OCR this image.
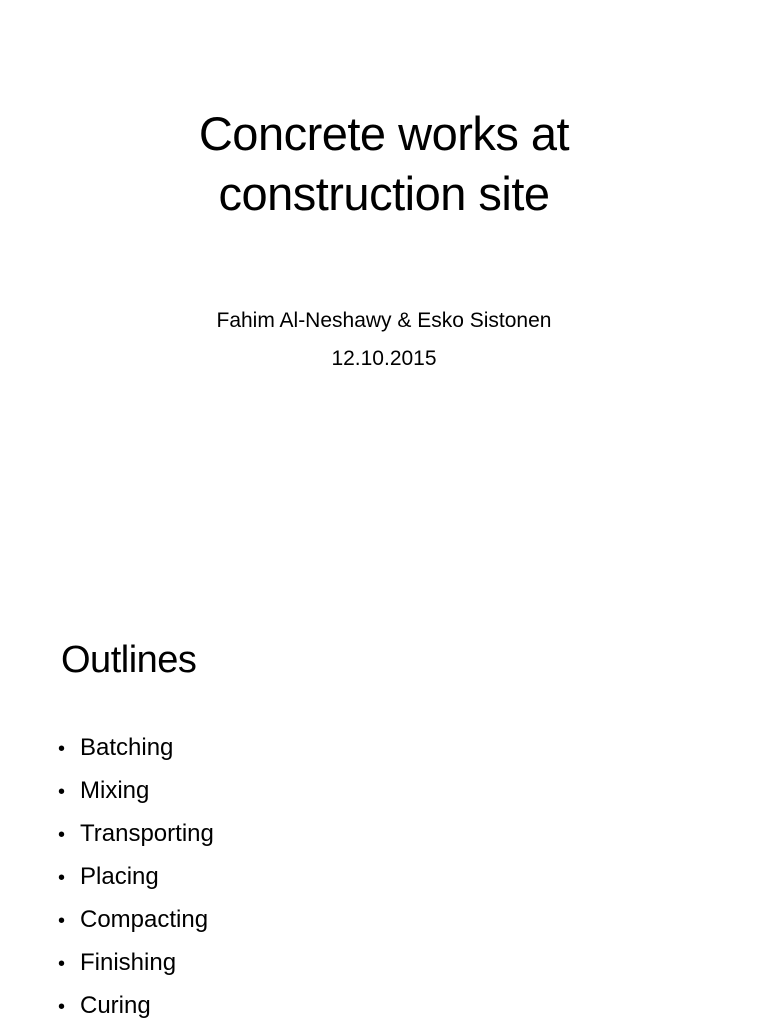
Concrete works at
construction site
Fahim Al-Neshawy & Esko Sistonen
12.10.2015
Outlines
• Batching
• Mixing
• Transporting
• Placing
• Compacting
• Finishing
• Curing
